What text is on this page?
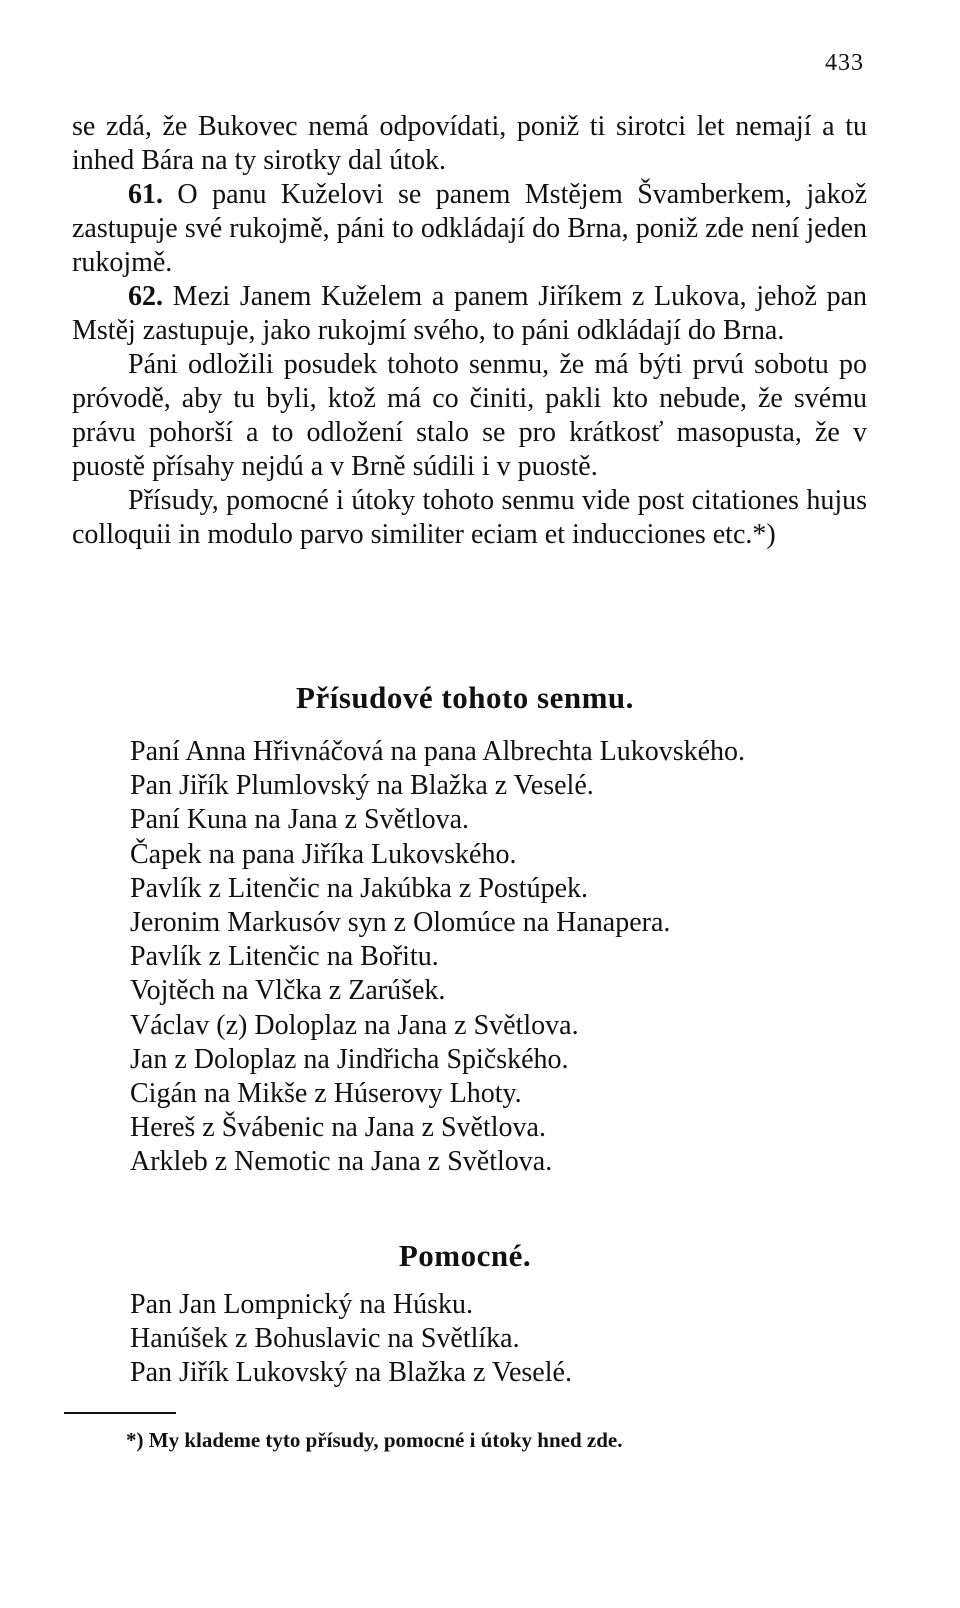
433

se zdá, že Bukovec nemá odpovídati, poniž ti sirotci let nemají a tu inhed Bára na ty sirotky dal útok.

61. O panu Kuželovi se panem Mstějem Švamberkem, jakož zastupuje své rukojmě, páni to odkládají do Brna, poniž zde není jeden rukojmě.

62. Mezi Janem Kuželem a panem Jiříkem z Lukova, jehož pan Mstěj zastupuje, jako rukojmí svého, to páni odkládají do Brna.

Páni odložili posudek tohoto senmu, že má býti prvú sobotu po próvodě, aby tu byli, ktož má co činiti, pakli kto nebude, že svému právu pohorší a to odložení stalo se pro krátkosť masopusta, že v puostě přísahy nejdú a v Brně súdili i v puostě.

Přísudy, pomocné i útoky tohoto senmu vide post citationes hujus colloquii in modulo parvo similiter eciam et inducciones etc.*)

Přísudové tohoto senmu.

Paní Anna Hřivnáčová na pana Albrechta Lukovského.

Pan Jiřík Plumlovský na Blažka z Veselé.

Paní Kuna na Jana z Světlova.

Čapek na pana Jiříka Lukovského.

Pavlík z Litenčic na Jakúbka z Postúpek.

Jeronim Markusóv syn z Olomúce na Hanapera.

Pavlík z Litenčic na Bořitu.

Vojtěch na Vlčka z Zarúšek.

Václav (z) Doloplaz na Jana z Světlova.

Jan z Doloplaz na Jindřicha Spičského.

Cigán na Mikše z Húserovy Lhoty.

Hereš z Švábenic na Jana z Světlova.

Arkleb z Nemotic na Jana z Světlova.

Pomocné.

Pan Jan Lompnický na Húsku.

Hanúšek z Bohuslavic na Světlíka.

Pan Jiřík Lukovský na Blažka z Veselé.

*) My klademe tyto přísudy, pomocné i útoky hned zde.
